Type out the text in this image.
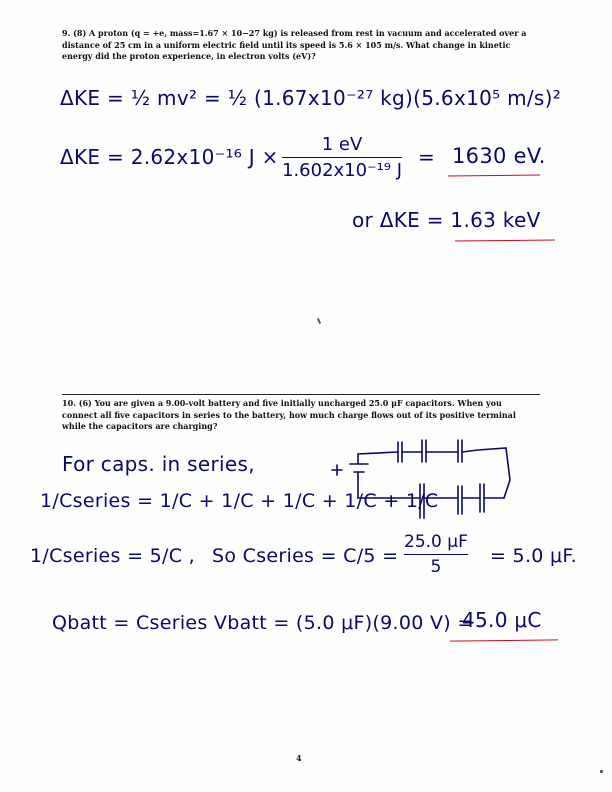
9. (8) A proton (q = +e, mass=1.67 × 10−27 kg) is released from rest in vacuum and accelerated over a distance of 25 cm in a uniform electric field until its speed is 5.6 × 105 m/s. What change in kinetic energy did the proton experience, in electron volts (eV)?
ΔKE = ½ mv² = ½ (1.67x10⁻²⁷ kg)(5.6x10⁵ m/s)²
ΔKE = 2.62x10⁻¹⁶ J ×
1 eV
1.602x10⁻¹⁹ J
= 1630 eV.
or ΔKE = 1.63 keV
10. (6) You are given a 9.00-volt battery and five initially uncharged 25.0 μF capacitors. When you connect all five capacitors in series to the battery, how much charge flows out of its positive terminal while the capacitors are charging?
For caps. in series,
1/Cseries = 1/C + 1/C + 1/C + 1/C + 1/C
1/Cseries = 5/C , So Cseries = C/5 =
25.0 μF
5	= 5.0 μF.
Qbatt = Cseries Vbatt = (5.0 μF)(9.00 V) =
45.0 μC
4
